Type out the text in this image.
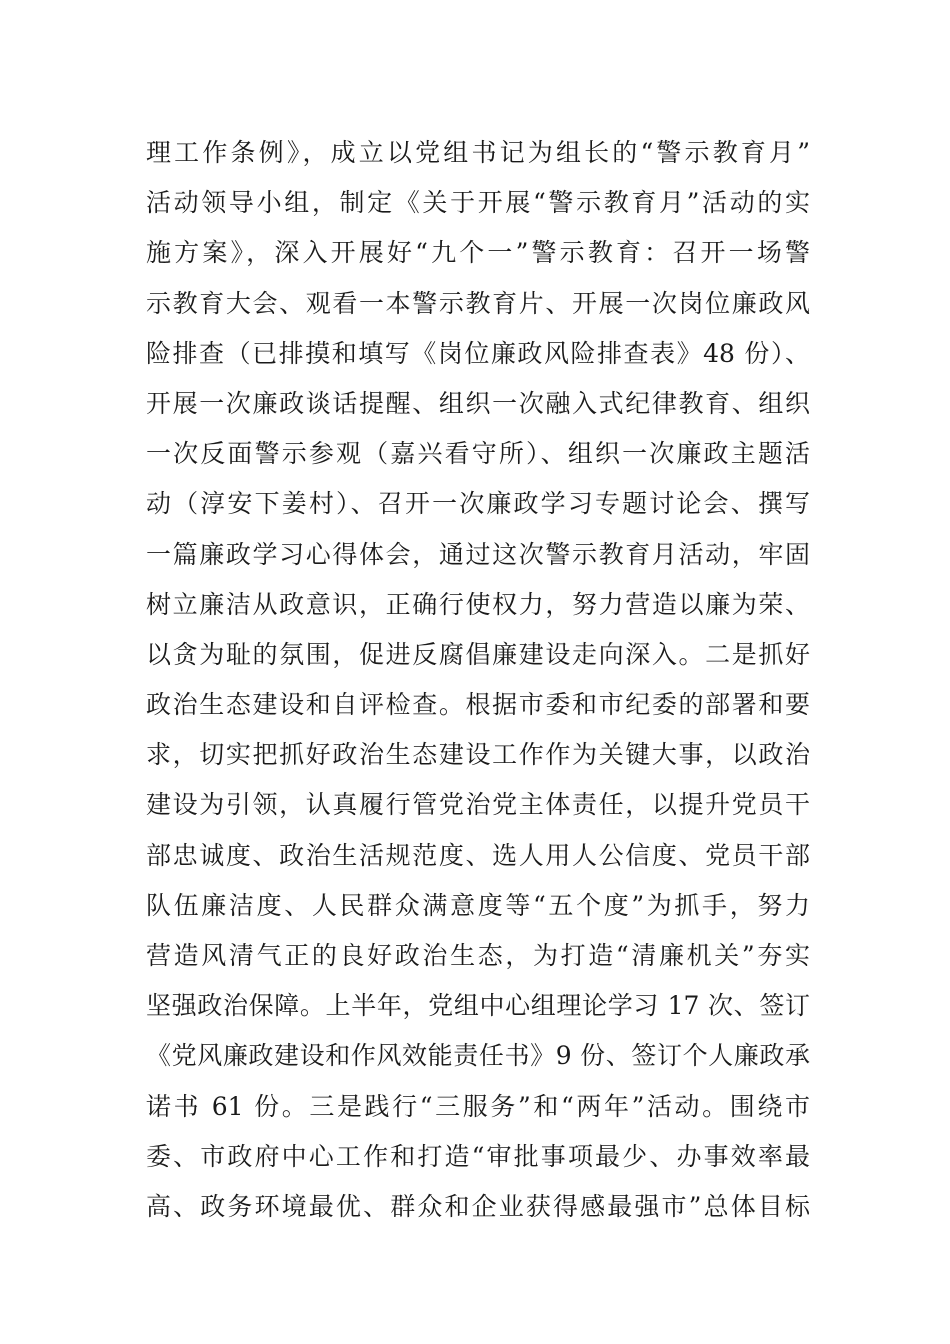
理工作条例》，成立以党组书记为组长的“警示教育月”
活动领导小组，制定《关于开展“警示教育月”活动的实
施方案》，深入开展好“九个一”警示教育：召开一场警
示教育大会、观看一本警示教育片、开展一次岗位廉政风
险排查（已排摸和填写《岗位廉政风险排查表》48 份）、
开展一次廉政谈话提醒、组织一次融入式纪律教育、组织
一次反面警示参观（嘉兴看守所）、组织一次廉政主题活
动（淳安下姜村）、召开一次廉政学习专题讨论会、撰写
一篇廉政学习心得体会，通过这次警示教育月活动，牢固
树立廉洁从政意识，正确行使权力，努力营造以廉为荣、
以贪为耻的氛围，促进反腐倡廉建设走向深入。二是抓好
政治生态建设和自评检查。根据市委和市纪委的部署和要
求，切实把抓好政治生态建设工作作为关键大事，以政治
建设为引领，认真履行管党治党主体责任，以提升党员干
部忠诚度、政治生活规范度、选人用人公信度、党员干部
队伍廉洁度、人民群众满意度等“五个度”为抓手，努力
营造风清气正的良好政治生态，为打造“清廉机关”夯实
坚强政治保障。上半年，党组中心组理论学习 17 次、签订
《党风廉政建设和作风效能责任书》9 份、签订个人廉政承
诺书 61 份。三是践行“三服务”和“两年”活动。围绕市
委、市政府中心工作和打造“审批事项最少、办事效率最
高、政务环境最优、群众和企业获得感最强市”总体目标
